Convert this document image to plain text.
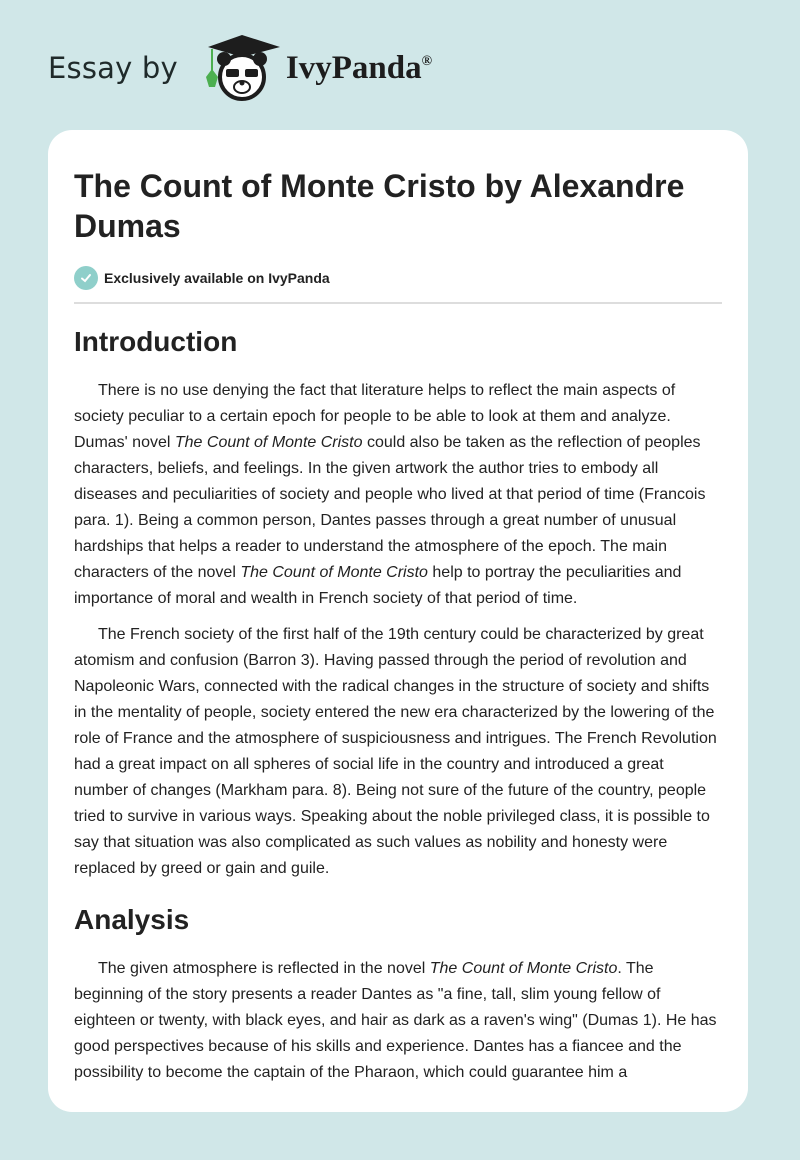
Essay by	IvyPanda®
The Count of Monte Cristo by Alexandre Dumas
Exclusively available on IvyPanda
Introduction

There is no use denying the fact that literature helps to reflect the main aspects of society peculiar to a certain epoch for people to be able to look at them and analyze. Dumas' novel The Count of Monte Cristo could also be taken as the reflection of peoples characters, beliefs, and feelings. In the given artwork the author tries to embody all diseases and peculiarities of society and people who lived at that period of time (Francois para. 1). Being a common person, Dantes passes through a great number of unusual hardships that helps a reader to understand the atmosphere of the epoch. The main characters of the novel The Count of Monte Cristo help to portray the peculiarities and importance of moral and wealth in French society of that period of time.

The French society of the first half of the 19th century could be characterized by great atomism and confusion (Barron 3). Having passed through the period of revolution and Napoleonic Wars, connected with the radical changes in the structure of society and shifts in the mentality of people, society entered the new era characterized by the lowering of the role of France and the atmosphere of suspiciousness and intrigues. The French Revolution had a great impact on all spheres of social life in the country and introduced a great number of changes (Markham para. 8). Being not sure of the future of the country, people tried to survive in various ways. Speaking about the noble privileged class, it is possible to say that situation was also complicated as such values as nobility and honesty were replaced by greed or gain and guile.

Analysis

The given atmosphere is reflected in the novel The Count of Monte Cristo. The beginning of the story presents a reader Dantes as "a fine, tall, slim young fellow of eighteen or twenty, with black eyes, and hair as dark as a raven's wing" (Dumas 1). He has good perspectives because of his skills and experience. Dantes has a fiancee and the possibility to become the captain of the Pharaon, which could guarantee him a
